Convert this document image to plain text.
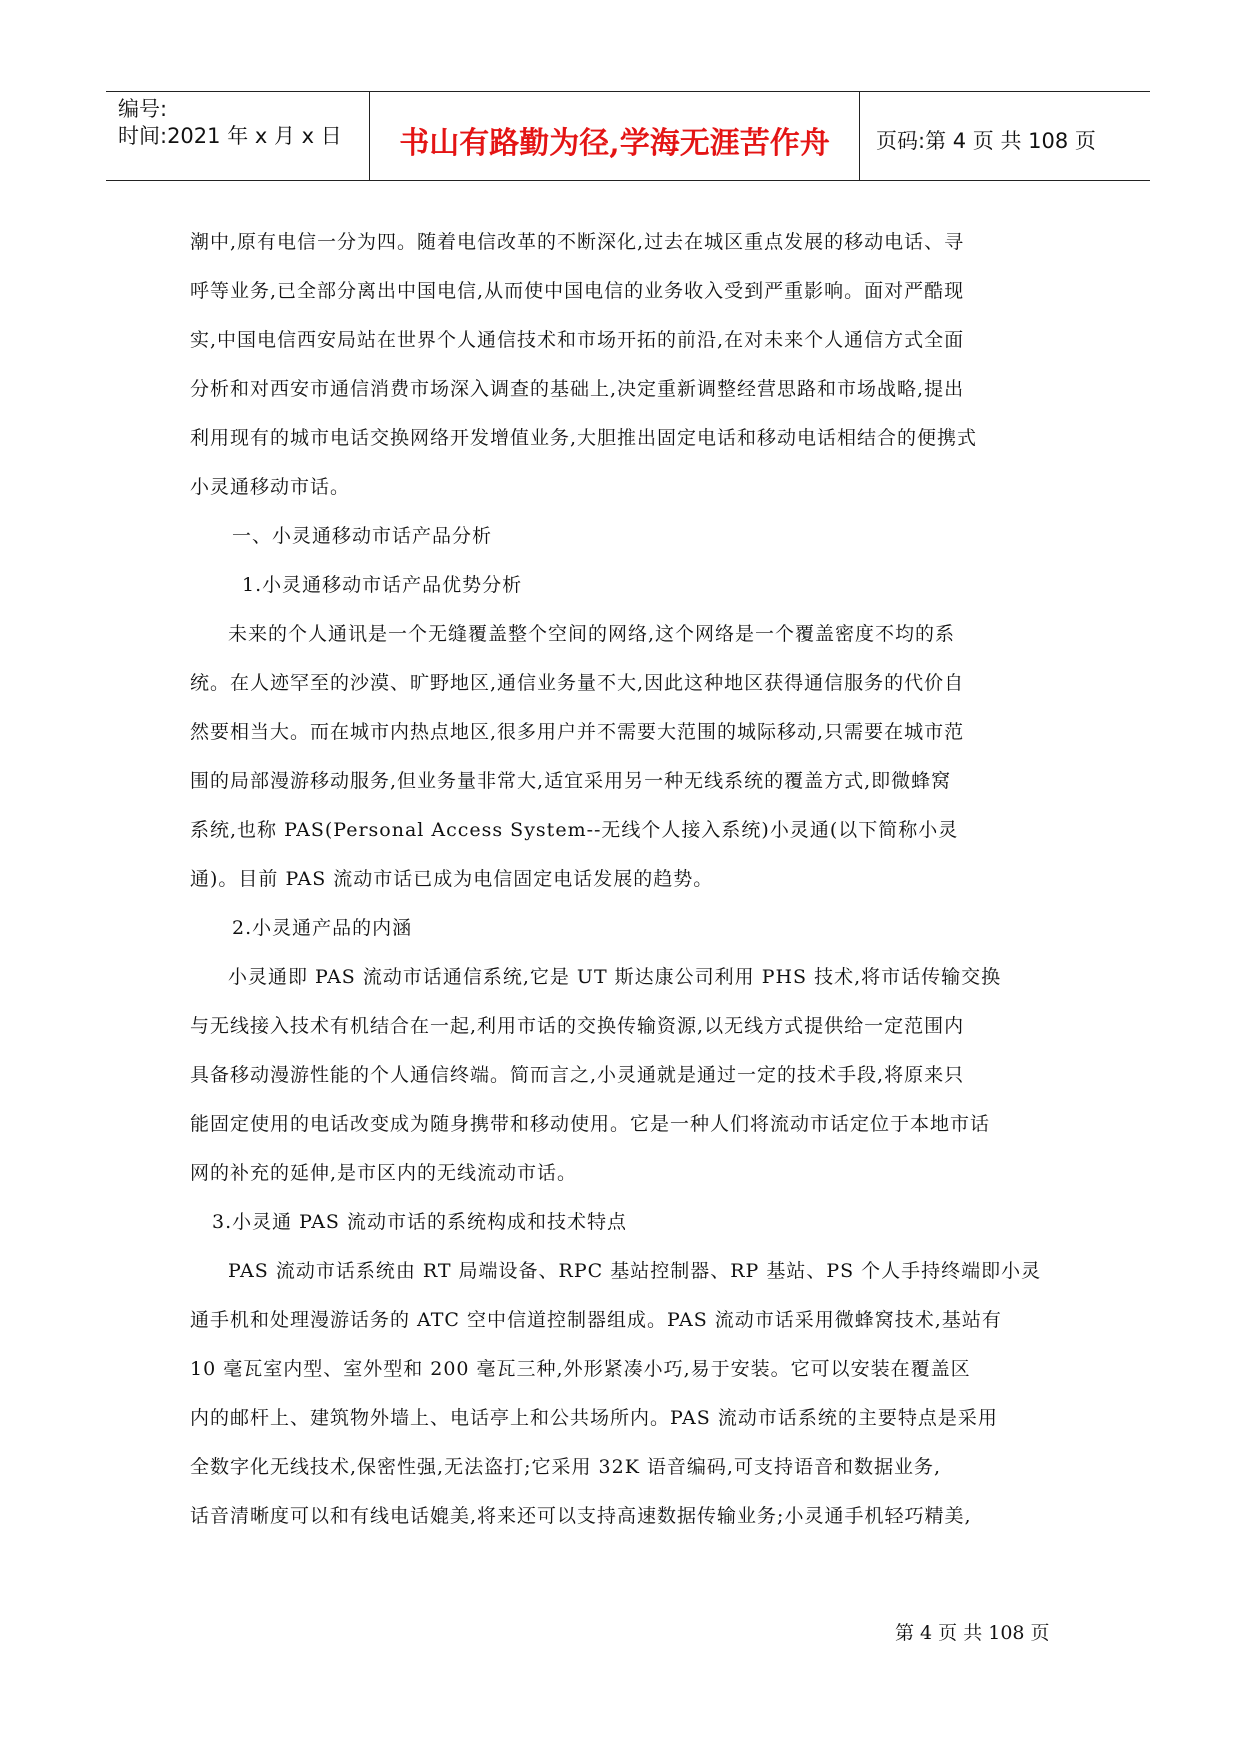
编号:
时间:2021 年 x 月 x 日	书山有路勤为径,学海无涯苦作舟	页码:第 4 页 共 108 页
潮中,原有电信一分为四。随着电信改革的不断深化,过去在城区重点发展的移动电话、寻
呼等业务,已全部分离出中国电信,从而使中国电信的业务收入受到严重影响。面对严酷现
实,中国电信西安局站在世界个人通信技术和市场开拓的前沿,在对未来个人通信方式全面
分析和对西安市通信消费市场深入调查的基础上,决定重新调整经营思路和市场战略,提出
利用现有的城市电话交换网络开发增值业务,大胆推出固定电话和移动电话相结合的便携式
小灵通移动市话。
一、小灵通移动市话产品分析
1.小灵通移动市话产品优势分析
未来的个人通讯是一个无缝覆盖整个空间的网络,这个网络是一个覆盖密度不均的系
统。在人迹罕至的沙漠、旷野地区,通信业务量不大,因此这种地区获得通信服务的代价自
然要相当大。而在城市内热点地区,很多用户并不需要大范围的城际移动,只需要在城市范
围的局部漫游移动服务,但业务量非常大,适宜采用另一种无线系统的覆盖方式,即微蜂窝
系统,也称 PAS(Personal Access System--无线个人接入系统)小灵通(以下简称小灵
通)。目前 PAS 流动市话已成为电信固定电话发展的趋势。
2.小灵通产品的内涵
小灵通即 PAS 流动市话通信系统,它是 UT 斯达康公司利用 PHS 技术,将市话传输交换
与无线接入技术有机结合在一起,利用市话的交换传输资源,以无线方式提供给一定范围内
具备移动漫游性能的个人通信终端。简而言之,小灵通就是通过一定的技术手段,将原来只
能固定使用的电话改变成为随身携带和移动使用。它是一种人们将流动市话定位于本地市话
网的补充的延伸,是市区内的无线流动市话。
3.小灵通 PAS 流动市话的系统构成和技术特点
PAS 流动市话系统由 RT 局端设备、RPC 基站控制器、RP 基站、PS 个人手持终端即小灵
通手机和处理漫游话务的 ATC 空中信道控制器组成。PAS 流动市话采用微蜂窝技术,基站有
10 毫瓦室内型、室外型和 200 毫瓦三种,外形紧凑小巧,易于安装。它可以安装在覆盖区
内的邮杆上、建筑物外墙上、电话亭上和公共场所内。PAS 流动市话系统的主要特点是采用
全数字化无线技术,保密性强,无法盗打;它采用 32K 语音编码,可支持语音和数据业务,
话音清晰度可以和有线电话媲美,将来还可以支持高速数据传输业务;小灵通手机轻巧精美,
第 4 页 共 108 页
